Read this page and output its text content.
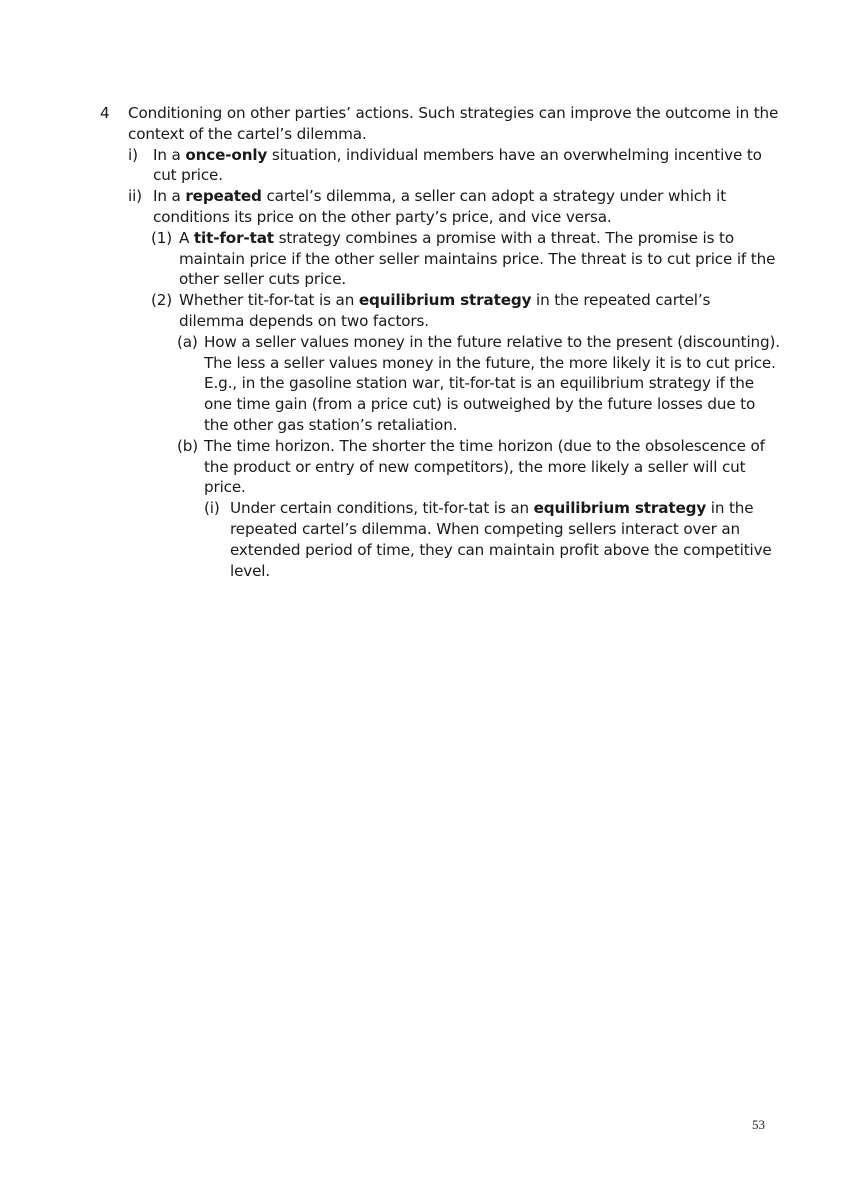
4 Conditioning on other parties’ actions. Such strategies can improve the outcome in the context of the cartel’s dilemma.

i) In a once-only situation, individual members have an overwhelming incentive to cut price.

ii) In a repeated cartel’s dilemma, a seller can adopt a strategy under which it conditions its price on the other party’s price, and vice versa.

(1) A tit-for-tat strategy combines a promise with a threat. The promise is to maintain price if the other seller maintains price. The threat is to cut price if the other seller cuts price.

(2) Whether tit-for-tat is an equilibrium strategy in the repeated cartel’s dilemma depends on two factors.

(a) How a seller values money in the future relative to the present (discounting). The less a seller values money in the future, the more likely it is to cut price. E.g., in the gasoline station war, tit-for-tat is an equilibrium strategy if the one time gain (from a price cut) is outweighed by the future losses due to the other gas station’s retaliation.

(b) The time horizon. The shorter the time horizon (due to the obsolescence of the product or entry of new competitors), the more likely a seller will cut price.

(i) Under certain conditions, tit-for-tat is an equilibrium strategy in the repeated cartel’s dilemma. When competing sellers interact over an extended period of time, they can maintain profit above the competitive level.

53
